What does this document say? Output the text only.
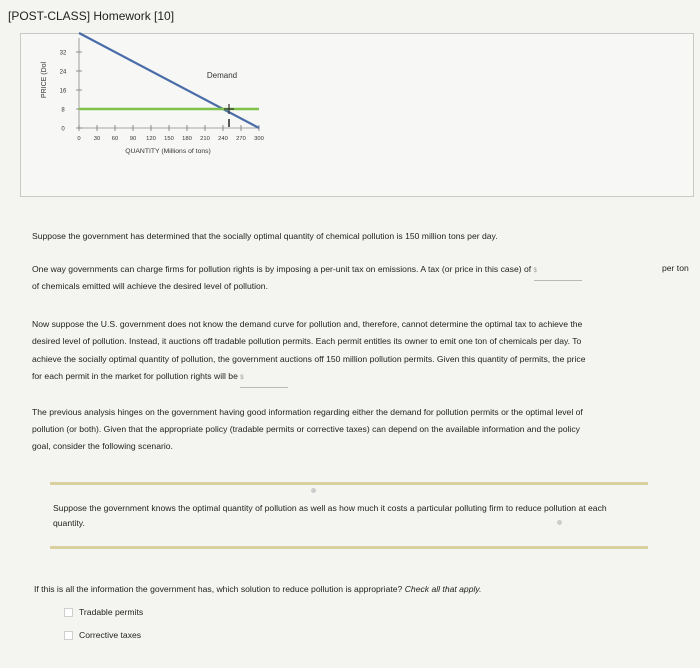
[POST-CLASS] Homework [10]
32
24
16
8
0
PRICE (Dol
0 30 60 90 120 150 180 210 240 270 300
QUANTITY (Millions of tons)
Demand

Suppose the government has determined that the socially optimal quantity of chemical pollution is 150 million tons per day.

One way governments can charge firms for pollution rights is by imposing a per-unit tax on emissions. A tax (or price in this case) of $	per ton

of chemicals emitted will achieve the desired level of pollution.

Now suppose the U.S. government does not know the demand curve for pollution and, therefore, cannot determine the optimal tax to achieve the

desired level of pollution. Instead, it auctions off tradable pollution permits. Each permit entitles its owner to emit one ton of chemicals per day. To

achieve the socially optimal quantity of pollution, the government auctions off 150 million pollution permits. Given this quantity of permits, the price

for each permit in the market for pollution rights will be $

The previous analysis hinges on the government having good information regarding either the demand for pollution permits or the optimal level of

pollution (or both). Given that the appropriate policy (tradable permits or corrective taxes) can depend on the available information and the policy

goal, consider the following scenario.

Suppose the government knows the optimal quantity of pollution as well as how much it costs a particular polluting firm to reduce pollution at each quantity.

If this is all the information the government has, which solution to reduce pollution is appropriate? Check all that apply.
Tradable permits
Corrective taxes
